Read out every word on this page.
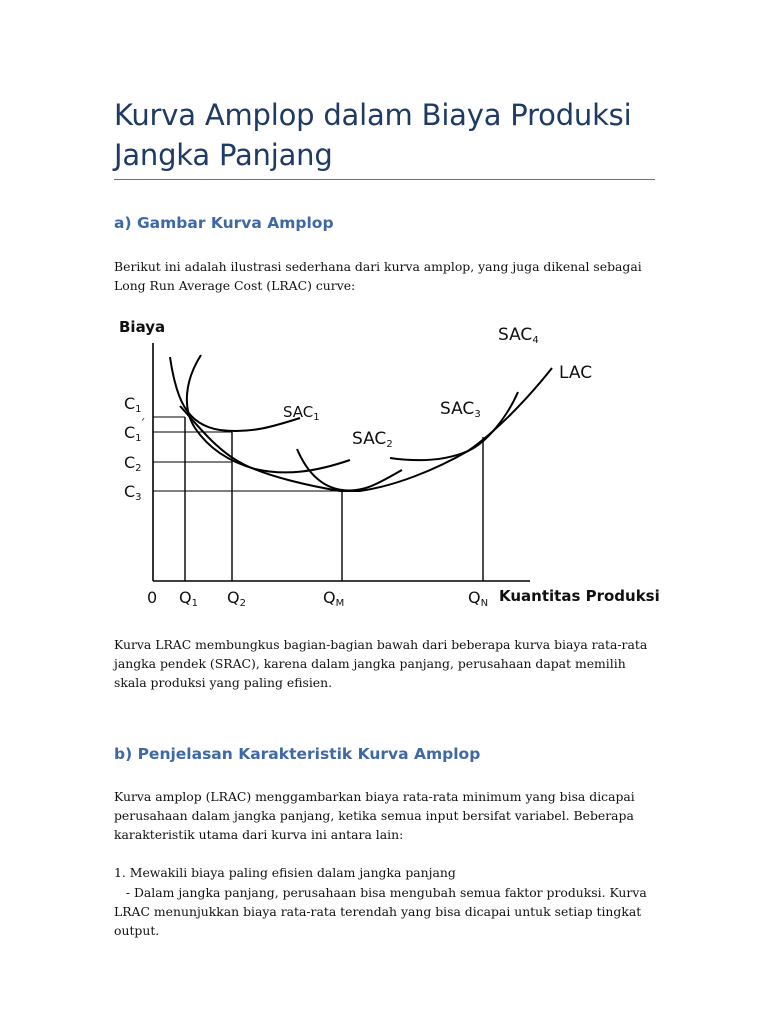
Kurva Amplop dalam Biaya Produksi Jangka Panjang
a) Gambar Kurva Amplop

Berikut ini adalah ilustrasi sederhana dari kurva amplop, yang juga dikenal sebagai Long Run Average Cost (LRAC) curve:

Biaya
Kuantitas Produksi
0
C1
C1´
C2
C3
Q1 Q2	QM	QN
$SAC_1$
SAC2
SAC3
SAC4
LAC

Kurva LRAC membungkus bagian-bagian bawah dari beberapa kurva biaya rata-rata jangka pendek (SRAC), karena dalam jangka panjang, perusahaan dapat memilih skala produksi yang paling efisien.

b) Penjelasan Karakteristik Kurva Amplop

Kurva amplop (LRAC) menggambarkan biaya rata-rata minimum yang bisa dicapai perusahaan dalam jangka panjang, ketika semua input bersifat variabel. Beberapa karakteristik utama dari kurva ini antara lain:

1. Mewakili biaya paling efisien dalam jangka panjang

- Dalam jangka panjang, perusahaan bisa mengubah semua faktor produksi. Kurva LRAC menunjukkan biaya rata-rata terendah yang bisa dicapai untuk setiap tingkat output.
